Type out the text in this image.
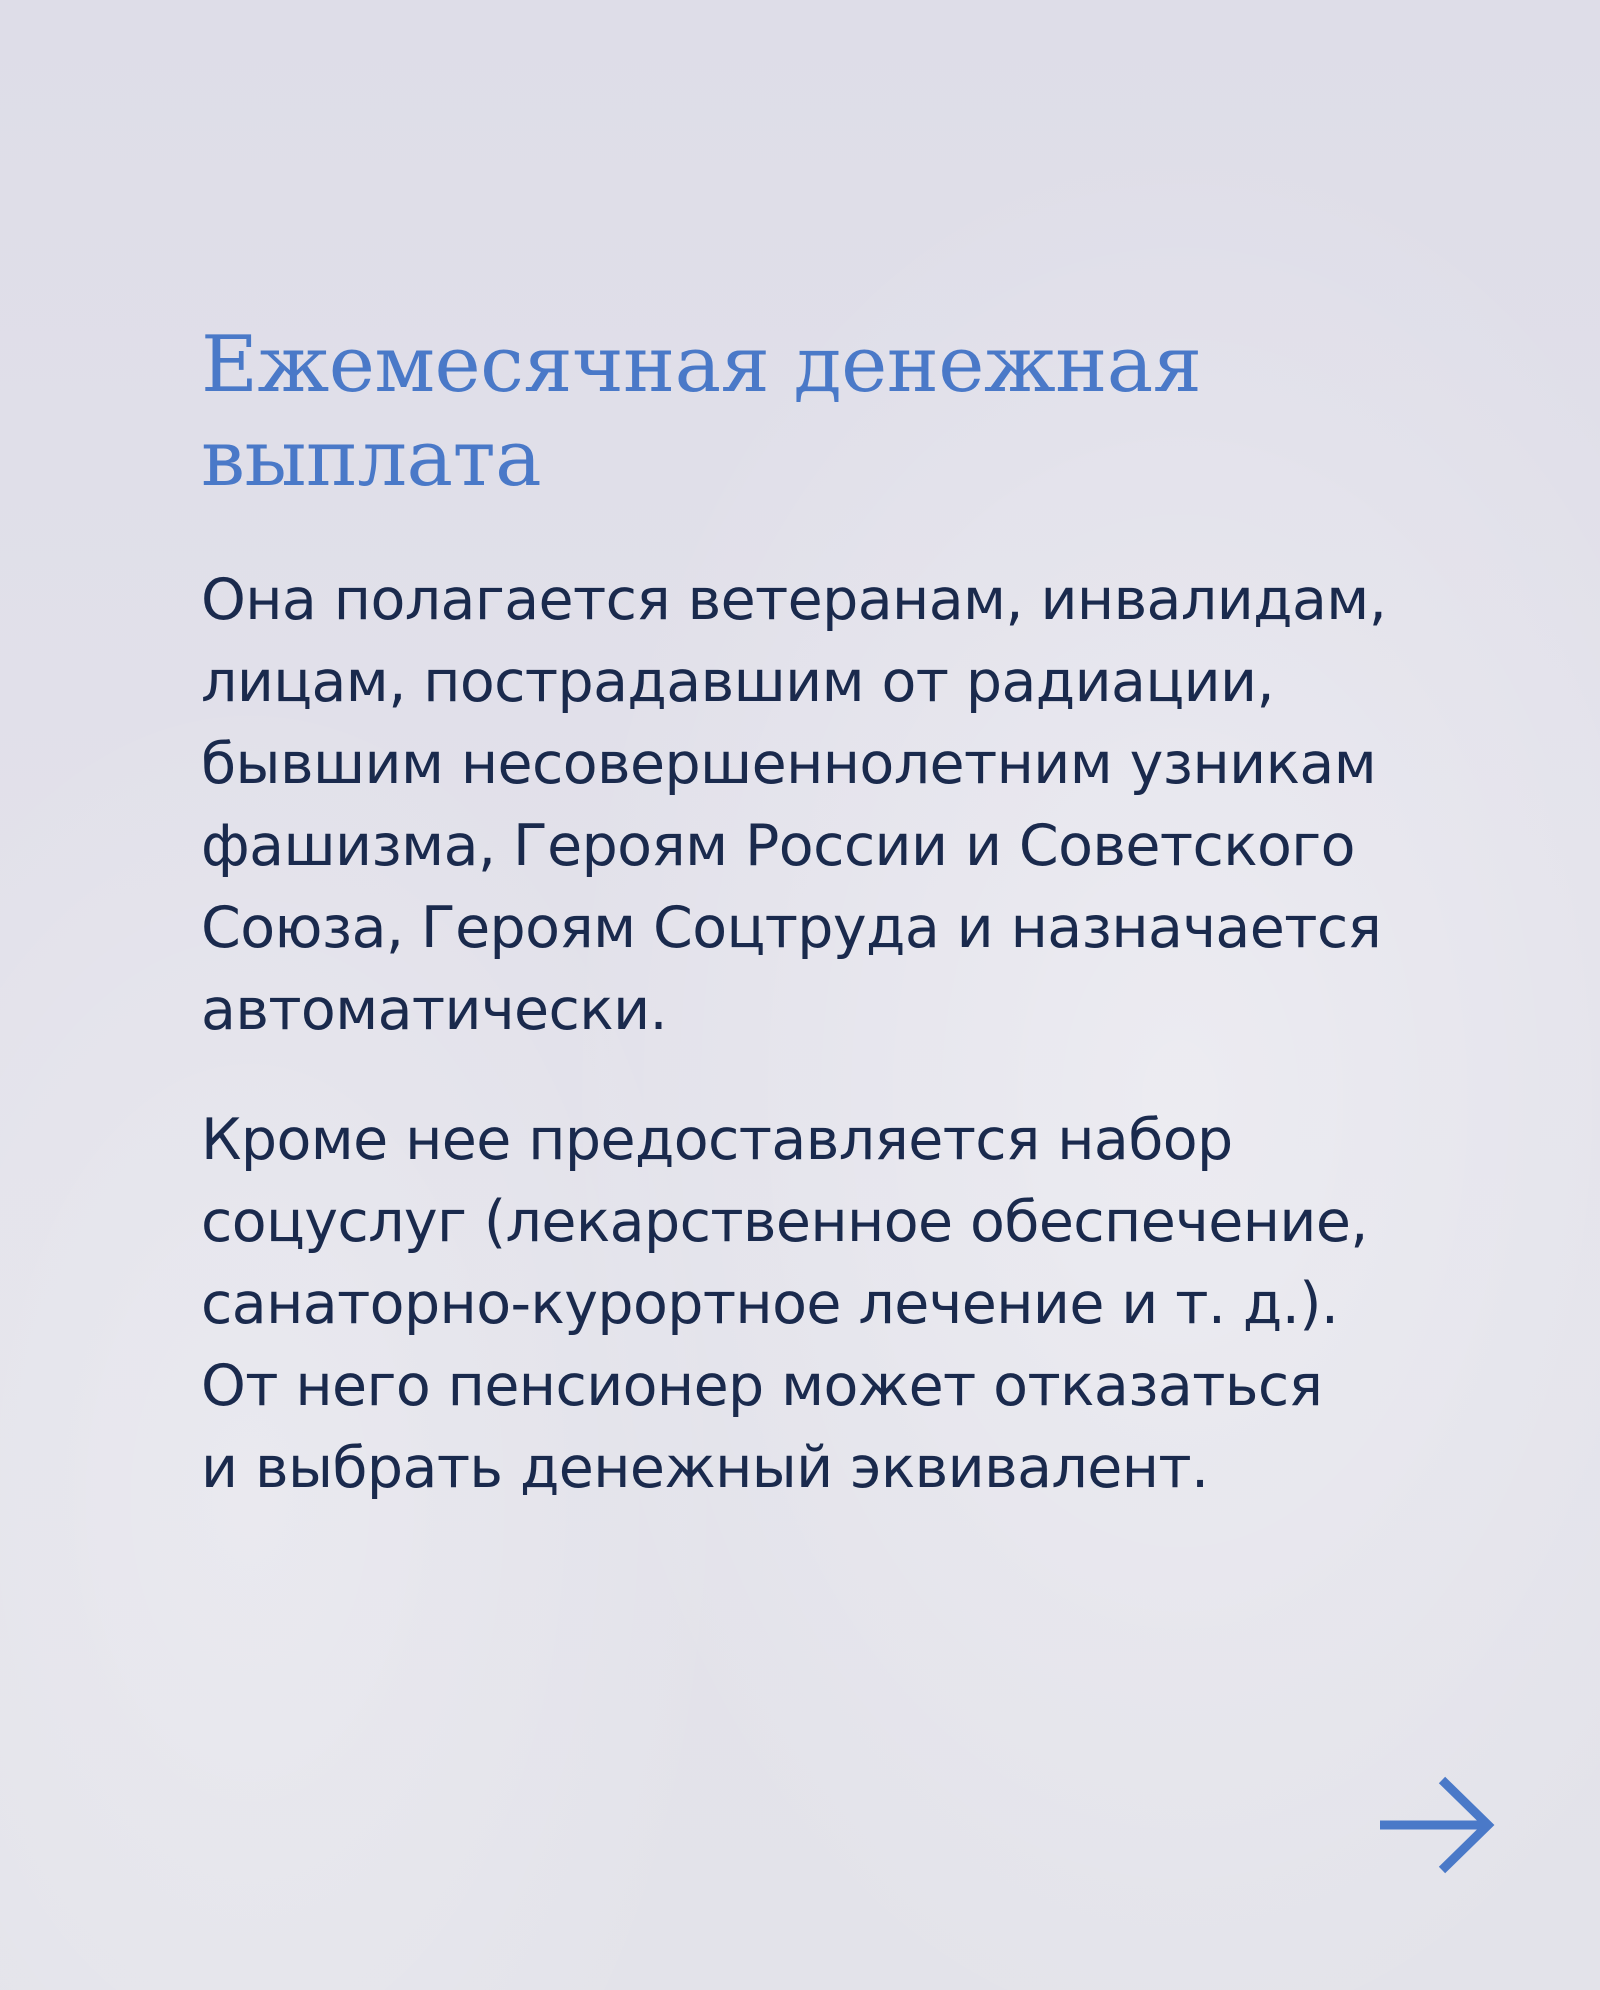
Ежемесячная денежная
выплата

Она полагается ветеранам, инвалидам,
лицам, пострадавшим от радиации,
бывшим несовершеннолетним узникам
фашизма, Героям России и Советского
Союза, Героям Соцтруда и назначается
автоматически.

Кроме нее предоставляется набор
соцуслуг (лекарственное обеспечение,
санаторно-курортное лечение и т. д.).
От него пенсионер может отказаться
и выбрать денежный эквивалент.
